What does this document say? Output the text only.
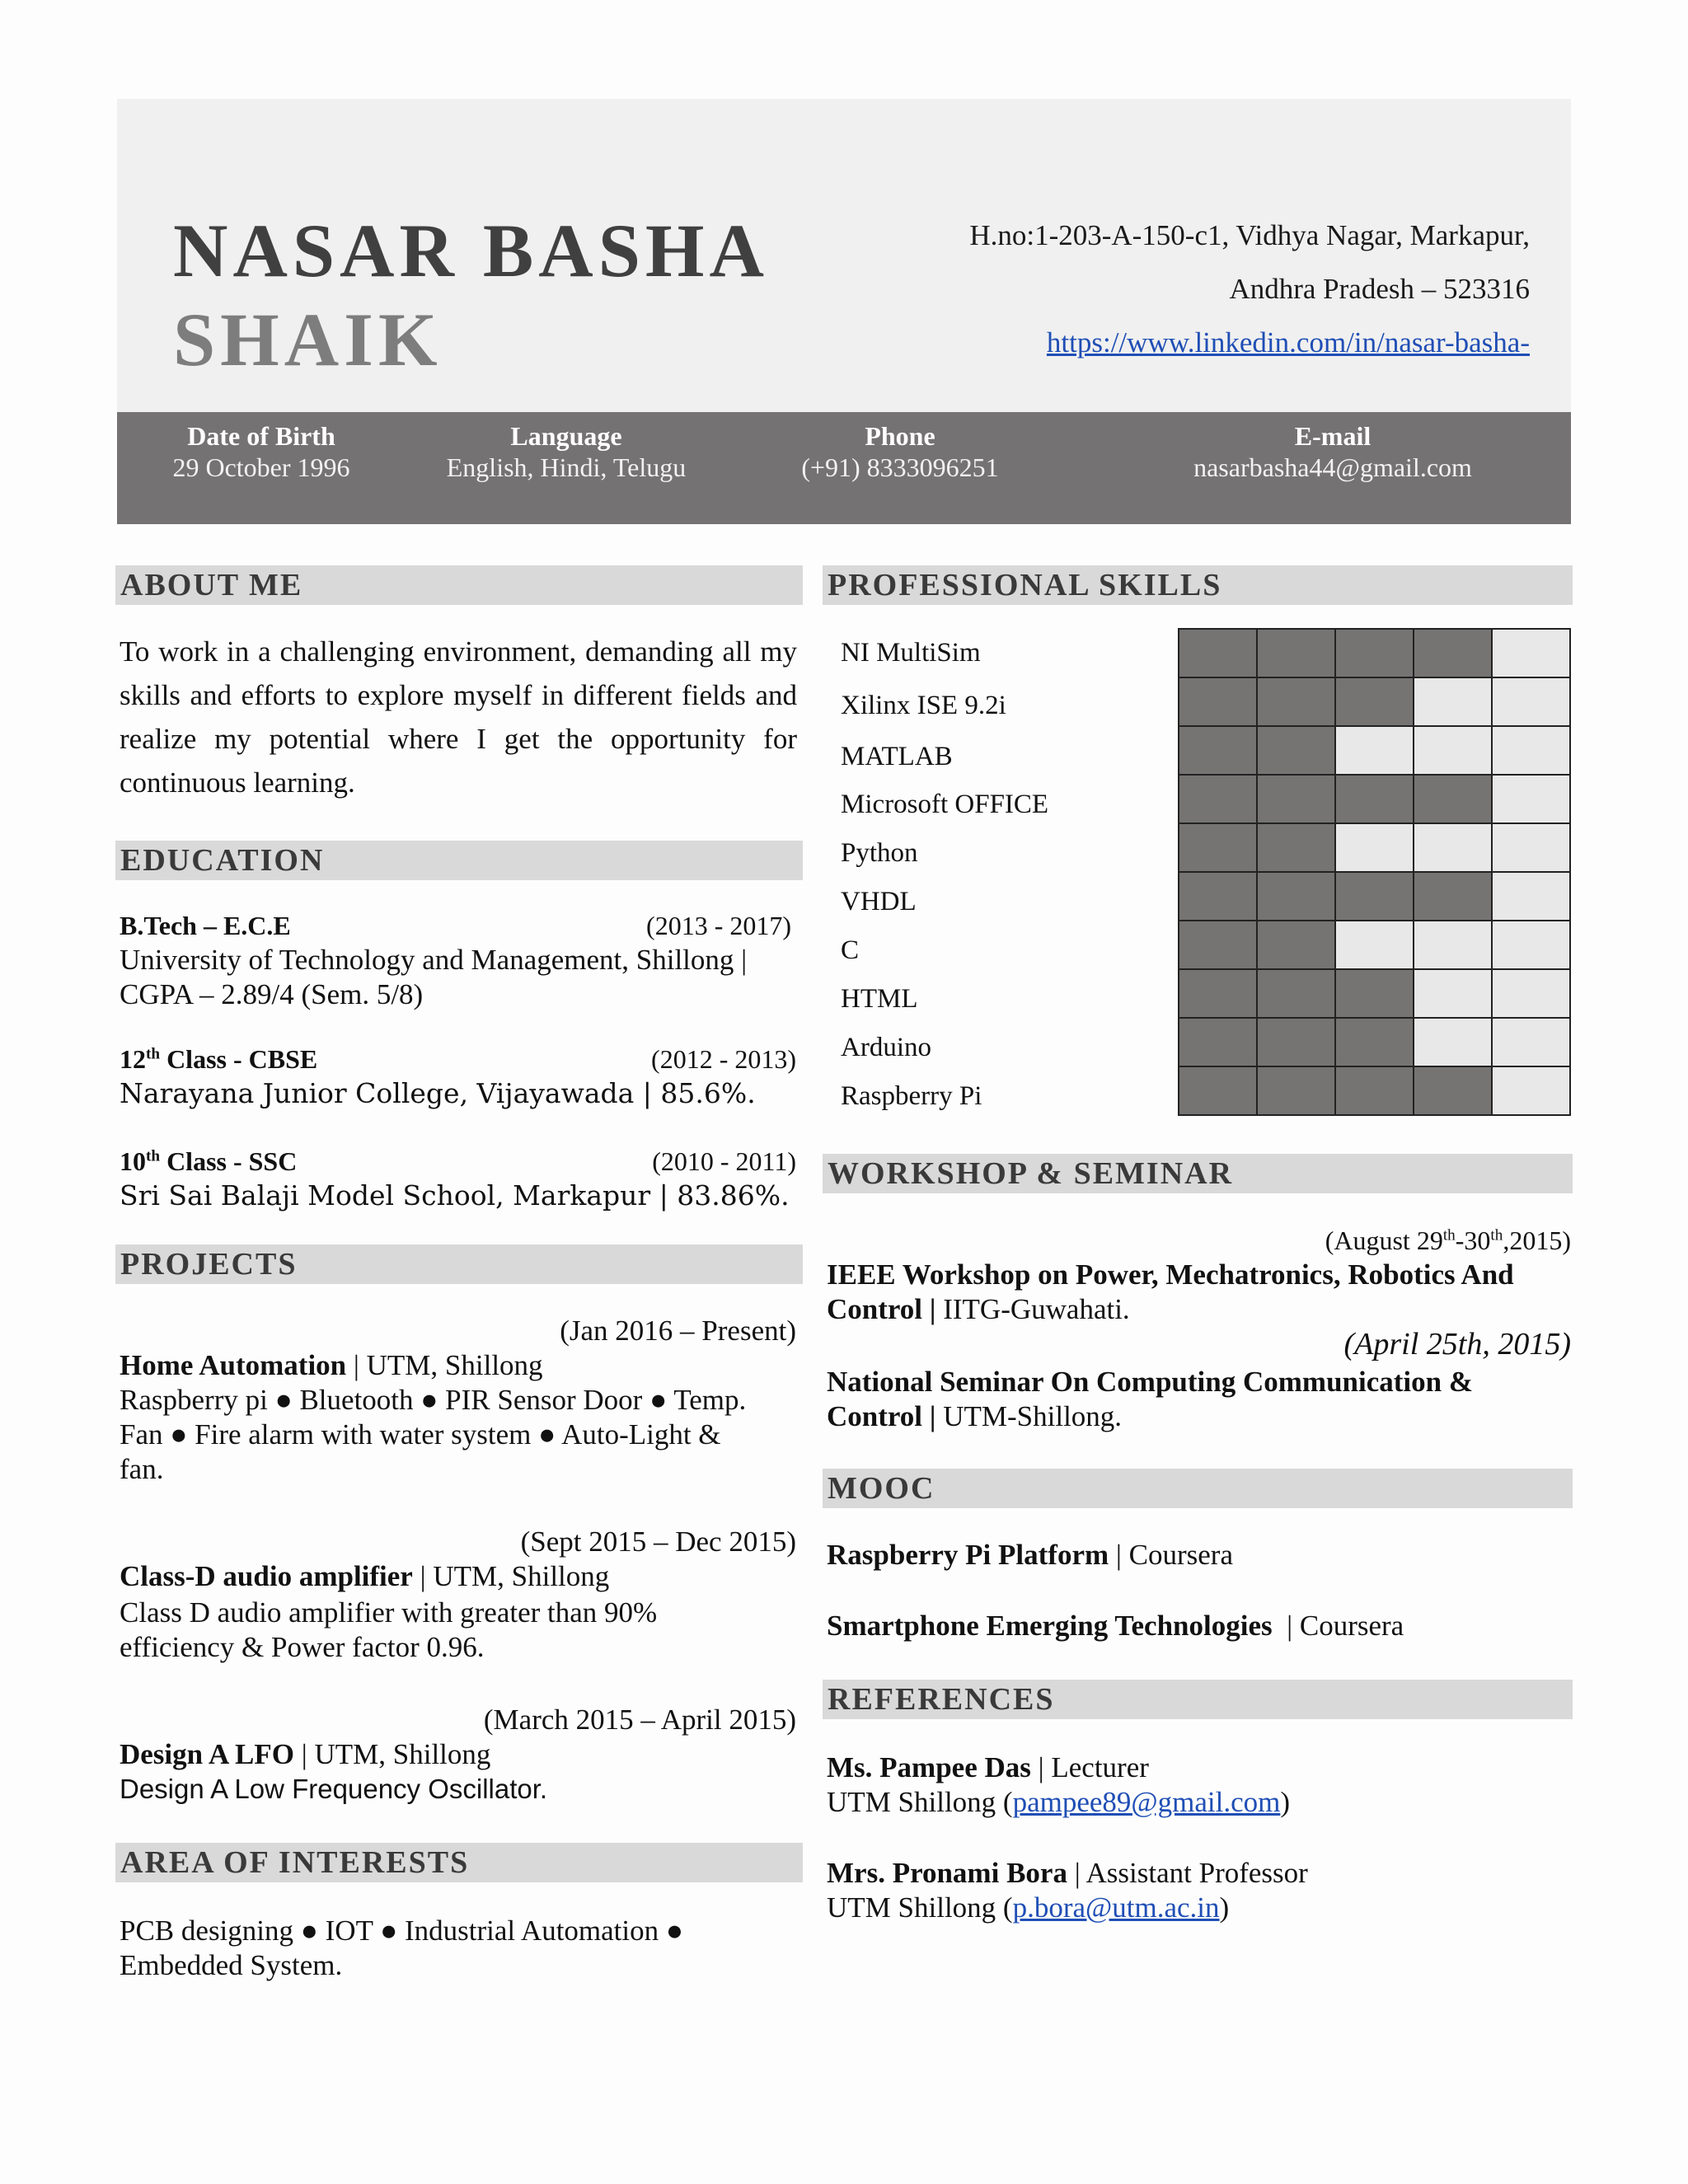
NASAR BASHA
SHAIK
H.no:1-203-A-150-c1, Vidhya Nagar, Markapur,
Andhra Pradesh – 523316
https://www.linkedin.com/in/nasar-basha-
Date of Birth
29 October 1996
Language
English, Hindi, Telugu
Phone
(+91) 8333096251
E-mail
nasarbasha44@gmail.com
ABOUT ME
To work in a challenging environment, demanding all my skills and efforts to explore myself in different fields and realize my potential where I get the opportunity for continuous learning.
EDUCATION
B.Tech – E.C.E	(2013 - 2017)
University of Technology and Management, Shillong |
CGPA – 2.89/4 (Sem. 5/8)
12th Class - CBSE	(2012 - 2013)
Narayana Junior College, Vijayawada | 85.6%.
10th Class - SSC	(2010 - 2011)
Sri Sai Balaji Model School, Markapur | 83.86%.
PROJECTS
(Jan 2016 – Present)
Home Automation | UTM, Shillong
Raspberry pi ● Bluetooth ● PIR Sensor Door ● Temp.
Fan ● Fire alarm with water system ● Auto-Light &
fan.
(Sept 2015 – Dec 2015)
Class-D audio amplifier | UTM, Shillong
Class D audio amplifier with greater than 90%
efficiency & Power factor 0.96.
(March 2015 – April 2015)
Design A LFO | UTM, Shillong
Design A Low Frequency Oscillator.
AREA OF INTERESTS
PCB designing ● IOT ● Industrial Automation ●
Embedded System.
PROFESSIONAL SKILLS
NI MultiSim
Xilinx ISE 9.2i
MATLAB
Microsoft OFFICE
Python
VHDL
C
HTML
Arduino
Raspberry Pi
WORKSHOP & SEMINAR
(August 29th-30th,2015)
IEEE Workshop on Power, Mechatronics, Robotics And
Control | IITG-Guwahati.
(April 25th, 2015)
National Seminar On Computing Communication &
Control | UTM-Shillong.
MOOC
Raspberry Pi Platform | Coursera
Smartphone Emerging Technologies  | Coursera
REFERENCES
Ms. Pampee Das | Lecturer
UTM Shillong (pampee89@gmail.com)
Mrs. Pronami Bora | Assistant Professor
UTM Shillong (p.bora@utm.ac.in)
